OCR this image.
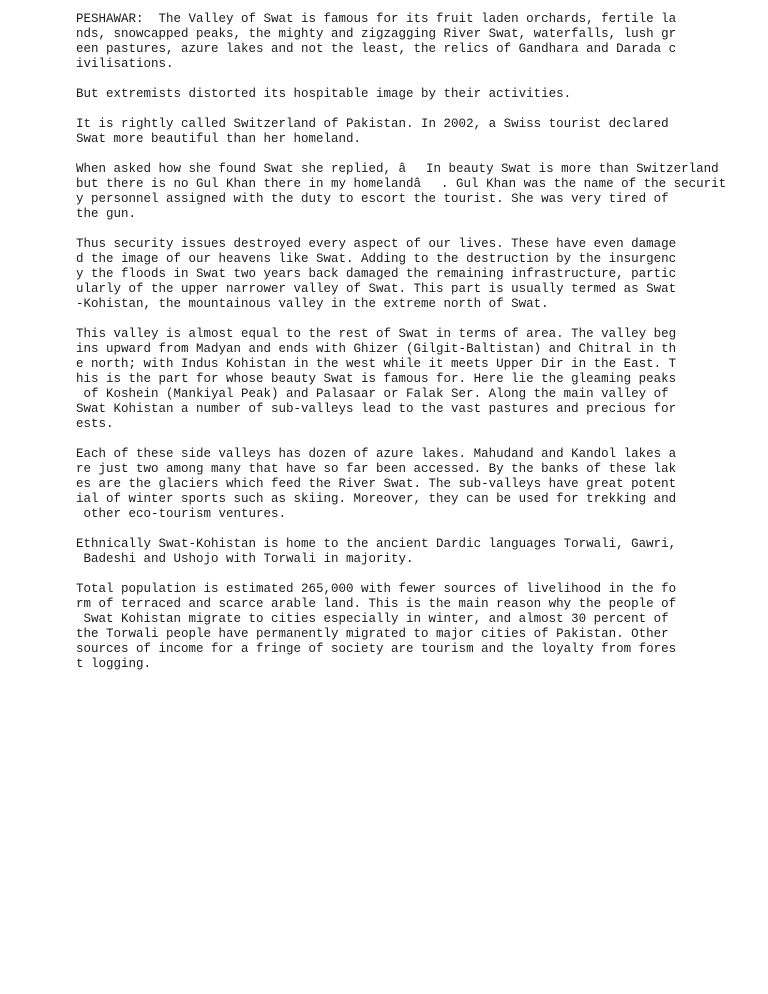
PESHAWAR:  The Valley of Swat is famous for its fruit laden orchards, fertile la
nds, snowcapped peaks, the mighty and zigzagging River Swat, waterfalls, lush gr
een pastures, azure lakes and not the least, the relics of Gandhara and Darada c
ivilisations.
But extremists distorted its hospitable image by their activities.
It is rightly called Switzerland of Pakistan. In 2002, a Swiss tourist declared
Swat more beautiful than her homeland.
When asked how she found Swat she replied, âIn beauty Swat is more than Switzerland
but there is no Gul Khan there in my homelandâ. Gul Khan was the name of the securit
y personnel assigned with the duty to escort the tourist. She was very tired of
the gun.
Thus security issues destroyed every aspect of our lives. These have even damage
d the image of our heavens like Swat. Adding to the destruction by the insurgenc
y the floods in Swat two years back damaged the remaining infrastructure, partic
ularly of the upper narrower valley of Swat. This part is usually termed as Swat
-Kohistan, the mountainous valley in the extreme north of Swat.
This valley is almost equal to the rest of Swat in terms of area. The valley beg
ins upward from Madyan and ends with Ghizer (Gilgit-Baltistan) and Chitral in th
e north; with Indus Kohistan in the west while it meets Upper Dir in the East. T
his is the part for whose beauty Swat is famous for. Here lie the gleaming peaks
of Koshein (Mankiyal Peak) and Palasaar or Falak Ser. Along the main valley of
Swat Kohistan a number of sub-valleys lead to the vast pastures and precious for
ests.
Each of these side valleys has dozen of azure lakes. Mahudand and Kandol lakes a
re just two among many that have so far been accessed. By the banks of these lak
es are the glaciers which feed the River Swat. The sub-valleys have great potent
ial of winter sports such as skiing. Moreover, they can be used for trekking and
other eco-tourism ventures.
Ethnically Swat-Kohistan is home to the ancient Dardic languages Torwali, Gawri,
Badeshi and Ushojo with Torwali in majority.
Total population is estimated 265,000 with fewer sources of livelihood in the fo
rm of terraced and scarce arable land. This is the main reason why the people of
Swat Kohistan migrate to cities especially in winter, and almost 30 percent of
the Torwali people have permanently migrated to major cities of Pakistan. Other
sources of income for a fringe of society are tourism and the loyalty from fores
t logging.
